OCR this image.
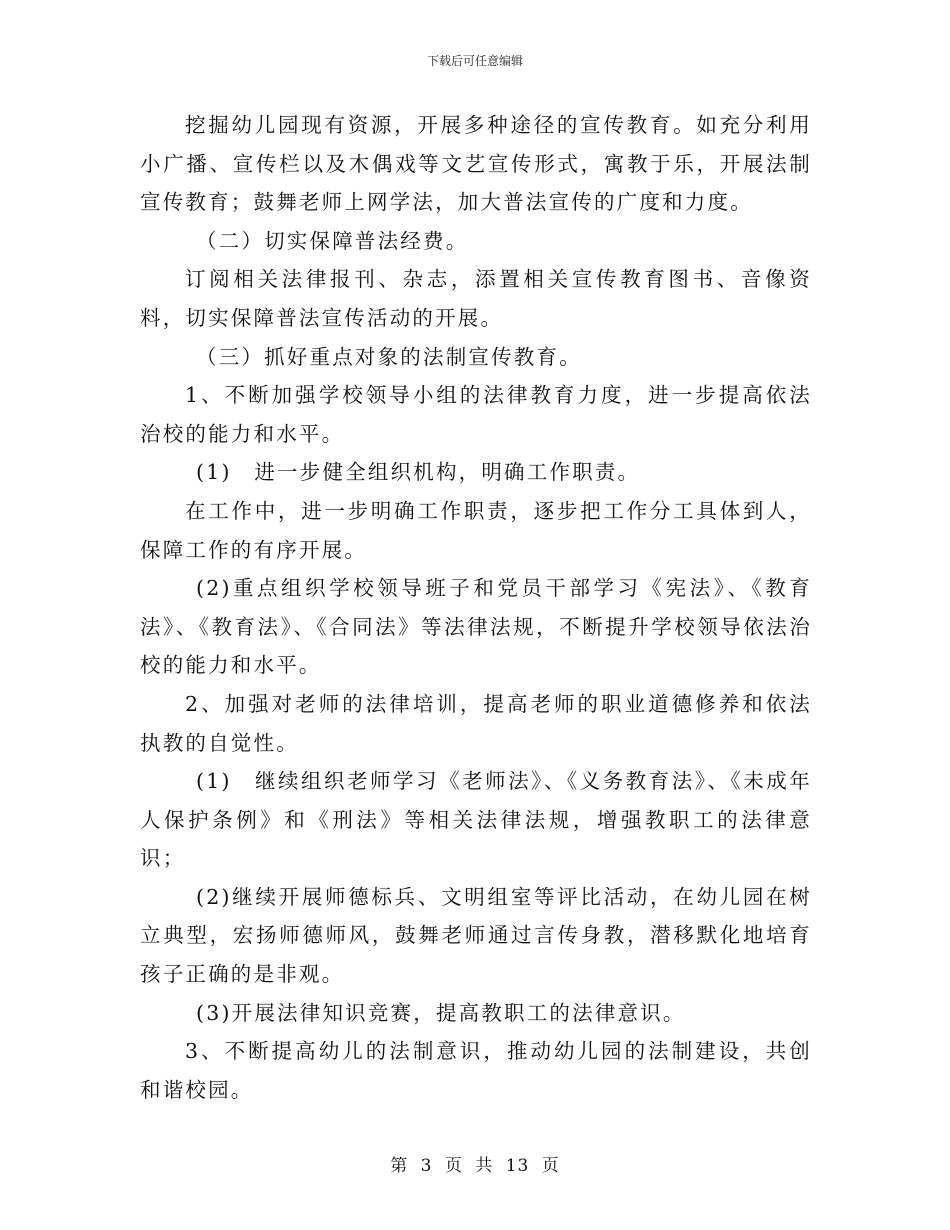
下载后可任意编辑

挖掘幼儿园现有资源，开展多种途径的宣传教育。如充分利用小广播、宣传栏以及木偶戏等文艺宣传形式，寓教于乐，开展法制宣传教育；鼓舞老师上网学法，加大普法宣传的广度和力度。

（二）切实保障普法经费。

订阅相关法律报刊、杂志，添置相关宣传教育图书、音像资料，切实保障普法宣传活动的开展。

（三）抓好重点对象的法制宣传教育。

1、不断加强学校领导小组的法律教育力度，进一步提高依法治校的能力和水平。

(1)　进一步健全组织机构，明确工作职责。

在工作中，进一步明确工作职责，逐步把工作分工具体到人，保障工作的有序开展。

(2)重点组织学校领导班子和党员干部学习《宪法》、《教育法》、《教育法》、《合同法》等法律法规，不断提升学校领导依法治校的能力和水平。

2、加强对老师的法律培训，提高老师的职业道德修养和依法执教的自觉性。

(1)　继续组织老师学习《老师法》、《义务教育法》、《未成年人保护条例》和《刑法》等相关法律法规，增强教职工的法律意识；

(2)继续开展师德标兵、文明组室等评比活动，在幼儿园在树立典型，宏扬师德师风，鼓舞老师通过言传身教，潜移默化地培育孩子正确的是非观。

(3)开展法律知识竞赛，提高教职工的法律意识。

3、不断提高幼儿的法制意识，推动幼儿园的法制建设，共创和谐校园。

第 3 页 共 13 页
